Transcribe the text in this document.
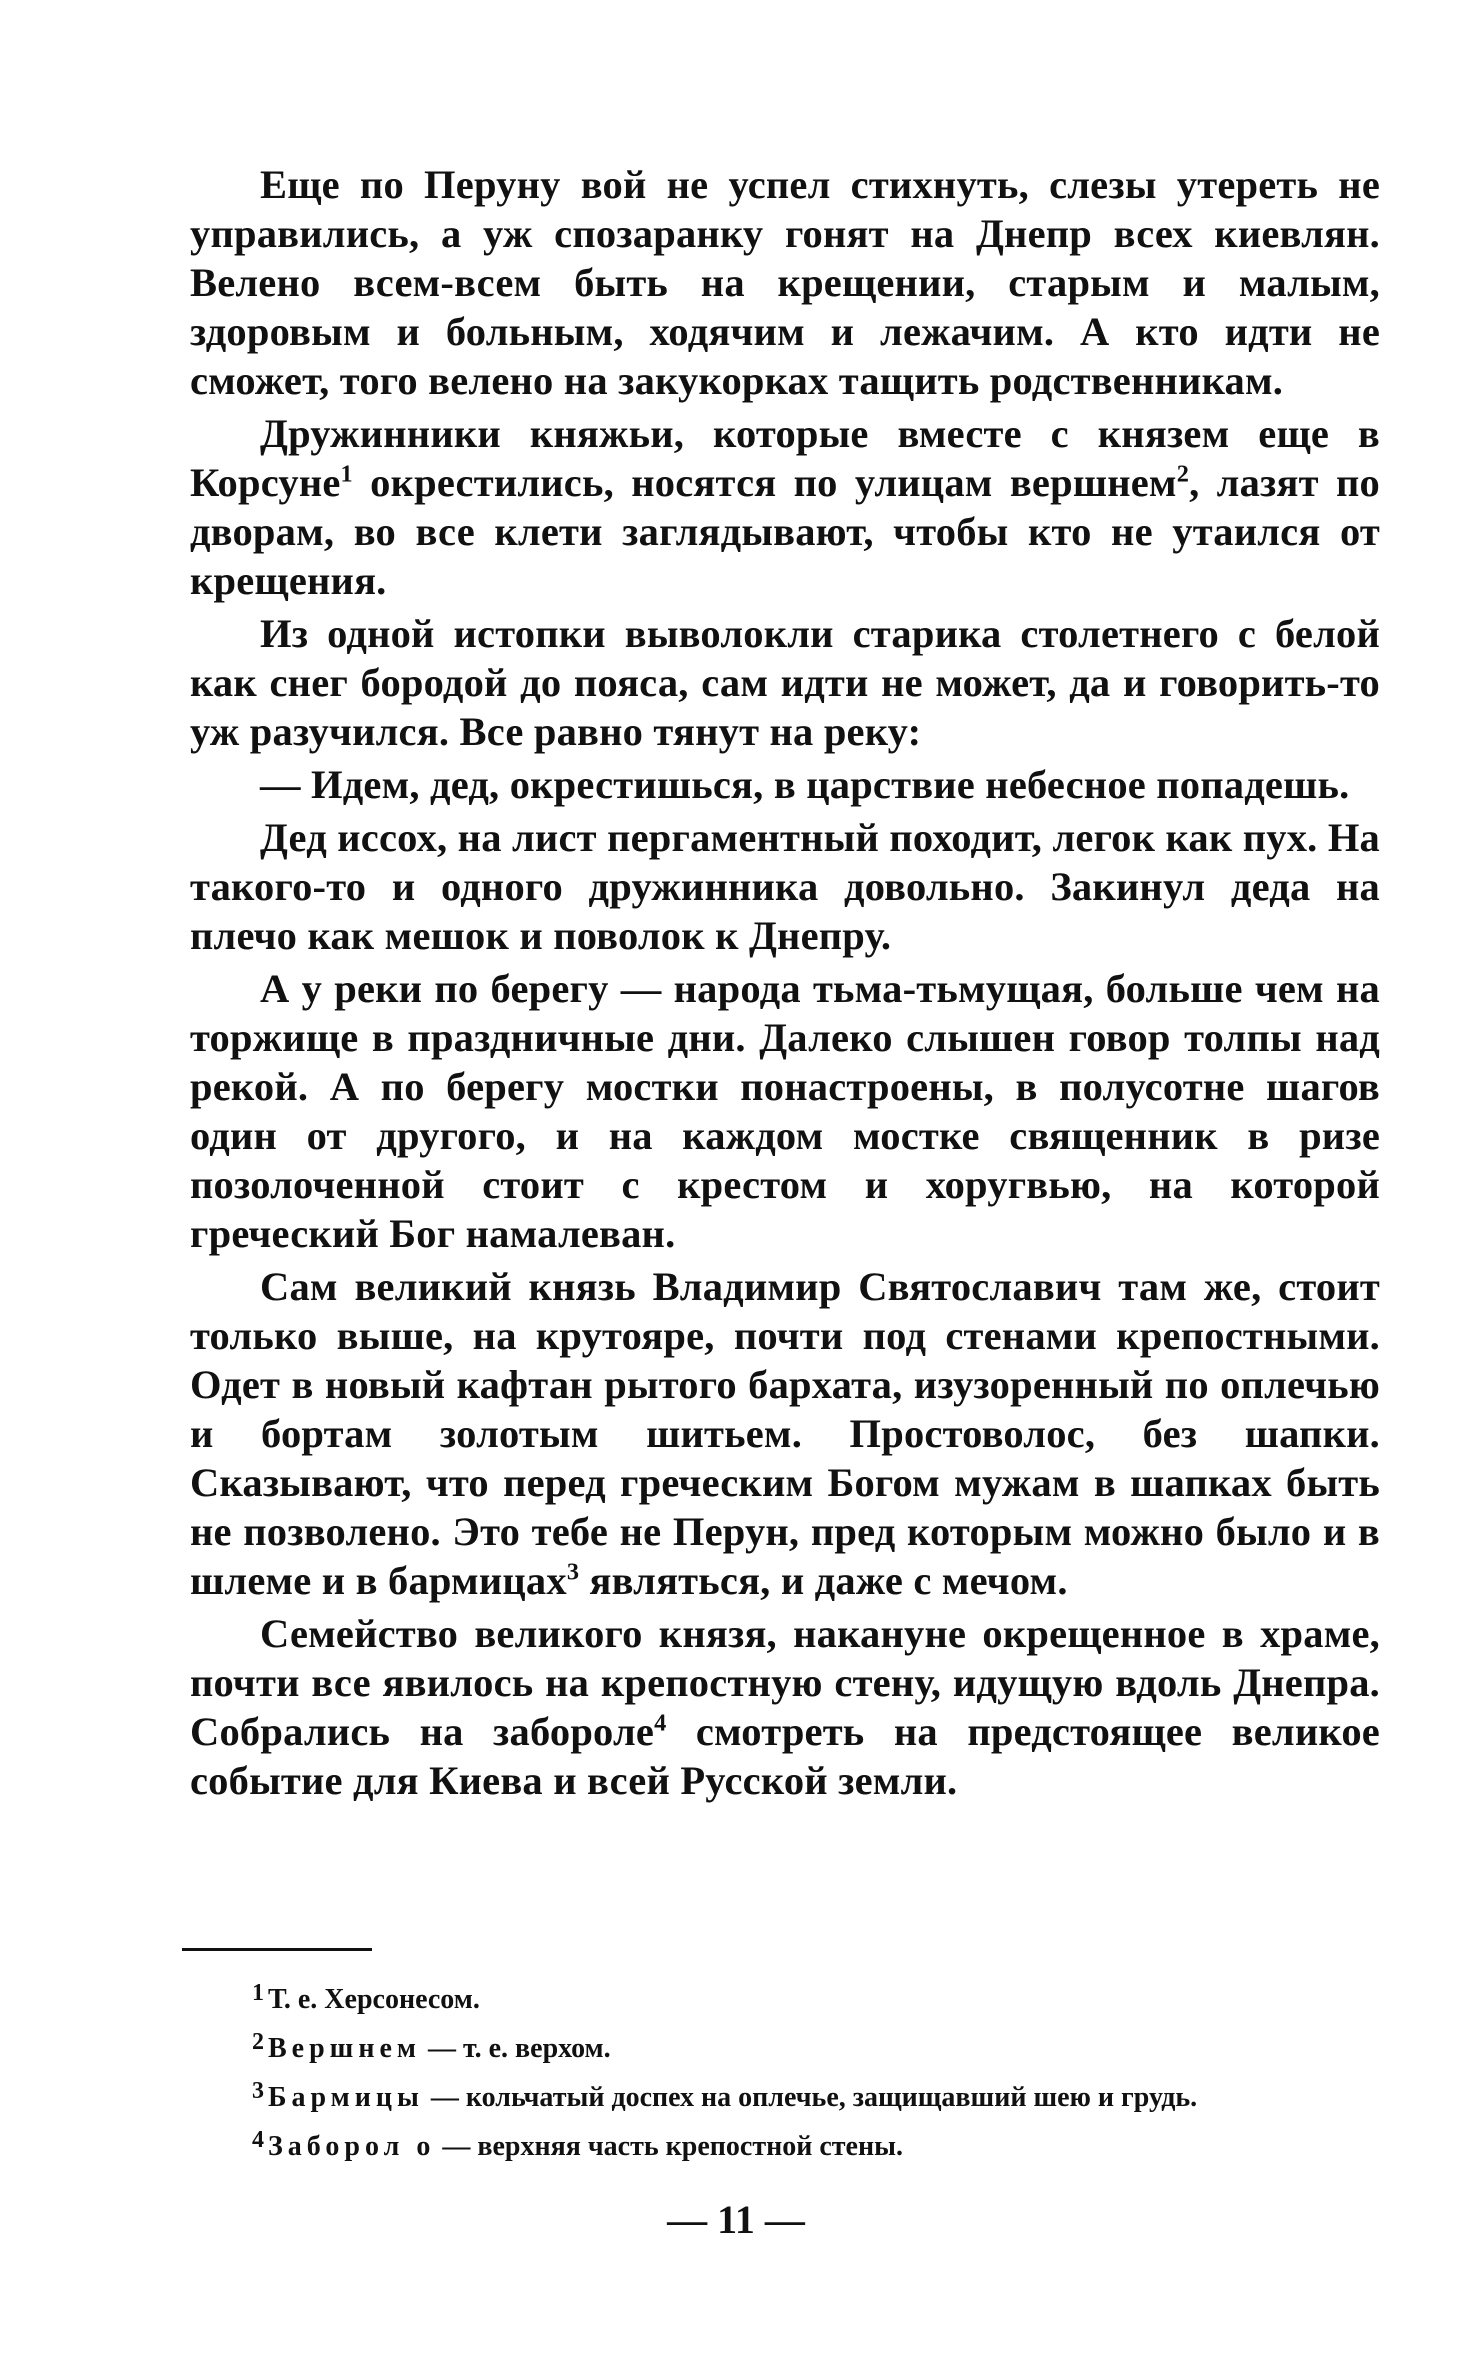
Еще по Перуну вой не успел стихнуть, слезы утереть не управились, а уж спозаранку гонят на Днепр всех киевлян. Велено всем-всем быть на крещении, старым и малым, здоровым и больным, ходячим и лежачим. А кто идти не сможет, того велено на закукорках тащить родственникам.

Дружинники княжьи, которые вместе с князем еще в Корсуне$^1$ окрестились, носятся по улицам вершнем$^2$, лазят по дворам, во все клети заглядывают, чтобы кто не утаился от крещения.

Из одной истопки выволокли старика столетнего с белой как снег бородой до пояса, сам идти не может, да и говорить-то уж разучился. Все равно тянут на реку:

— Идем, дед, окрестишься, в царствие небесное попадешь.

Дед иссох, на лист пергаментный походит, легок как пух. На такого-то и одного дружинника довольно. Закинул деда на плечо как мешок и поволок к Днепру.

А у реки по берегу — народа тьма-тьмущая, больше чем на торжище в праздничные дни. Далеко слышен говор толпы над рекой. А по берегу мостки понастроены, в полусотне шагов один от другого, и на каждом мостке священник в ризе позолоченной стоит с крестом и хоругвью, на которой греческий Бог намалеван.

Сам великий князь Владимир Святославич там же, стоит только выше, на крутояре, почти под стенами крепостными. Одет в новый кафтан рытого бархата, изузоренный по оплечью и бортам золотым шитьем. Простоволос, без шапки. Сказывают, что перед греческим Богом мужам в шапках быть не позволено. Это тебе не Перун, пред которым можно было и в шлеме и в бармицах$^3$ являться, и даже с мечом.

Семейство великого князя, накануне окрещенное в храме, почти все явилось на крепостную стену, идущую вдоль Днепра. Собрались на забороле$^4$ смотреть на предстоящее великое событие для Киева и всей Русской земли.

1 Т. е. Херсонесом.
2 Вершнем — т. е. верхом.
3 Бармицы — кольчатый доспех на оплечье, защищавший шею и грудь.
4 Заборол о — верхняя часть крепостной стены.
— 11 —
